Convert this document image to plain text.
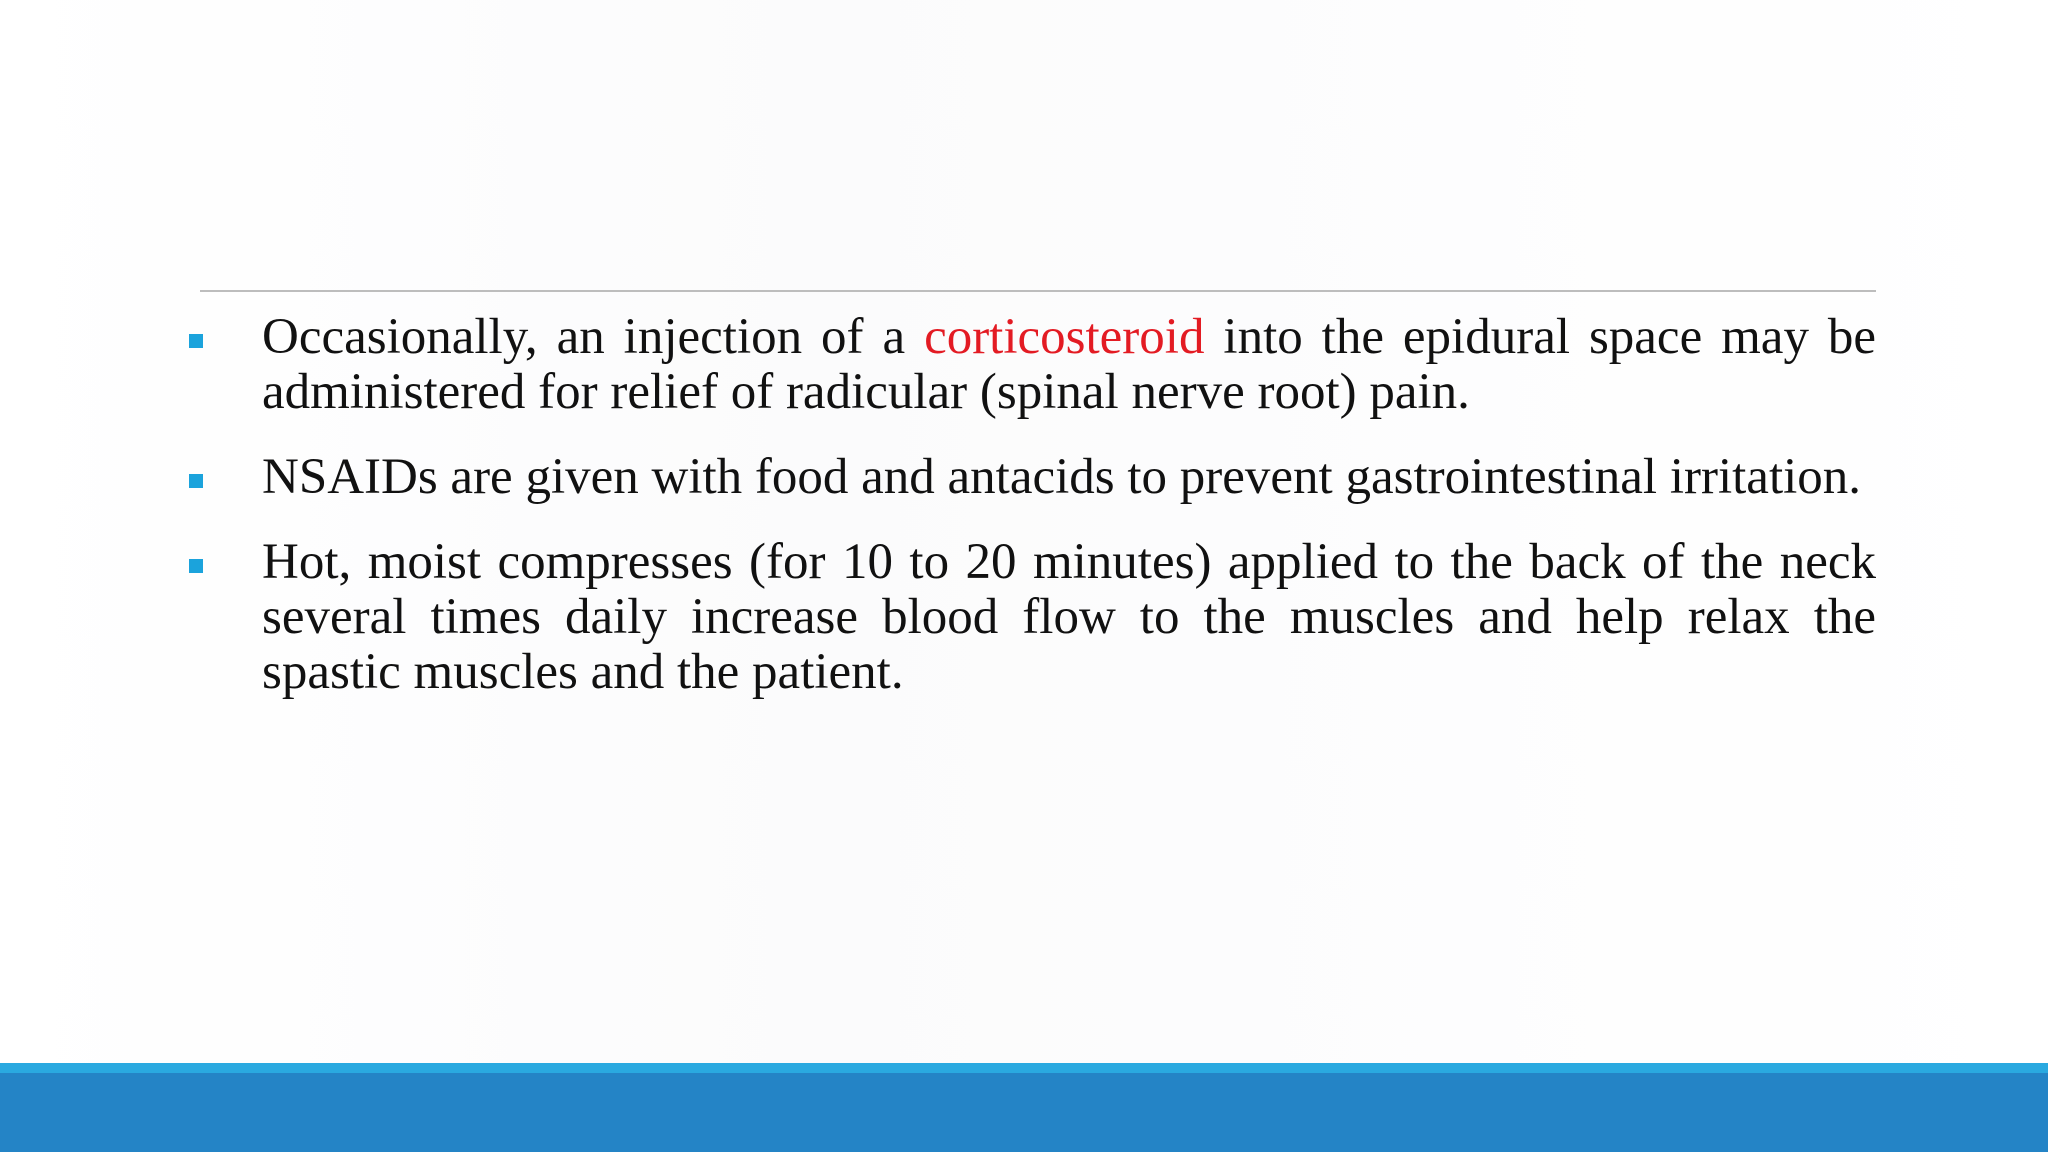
Occasionally, an injection of a corticosteroid into the epidural space may be administered for relief of radicular (spinal nerve root) pain.
NSAIDs are given with food and antacids to prevent gastrointestinal irritation.
Hot, moist compresses (for 10 to 20 minutes) applied to the back of the neck several times daily increase blood flow to the muscles and help relax the spastic muscles and the patient.
